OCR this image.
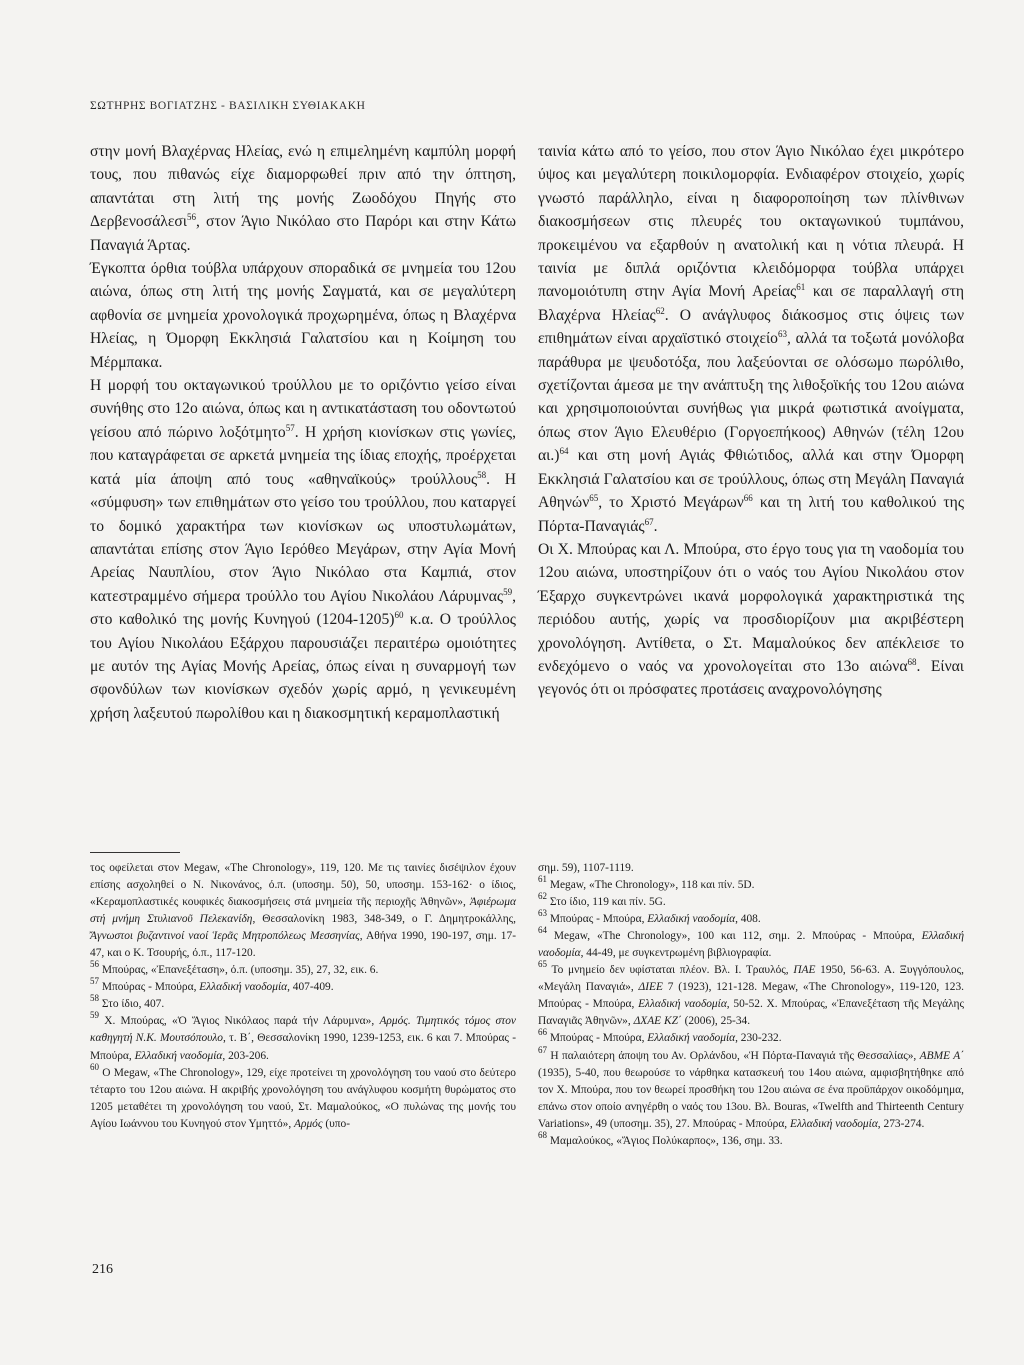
ΣΩΤΗΡΗΣ ΒΟΓΙΑΤΖΗΣ - ΒΑΣΙΛΙΚΗ ΣΥΘΙΑΚΑΚΗ

στην μονή Βλαχέρνας Ηλείας, ενώ η επιμελημένη καμπύλη μορφή τους, που πιθανώς είχε διαμορφωθεί πριν από την όπτηση, απαντάται στη λιτή της μονής Ζωοδόχου Πηγής στο Δερβενοσάλεσι$^{56}$, στον Άγιο Νικόλαο στο Παρόρι και στην Κάτω Παναγιά Άρτας.

Έγκοπτα όρθια τούβλα υπάρχουν σποραδικά σε μνημεία του 12ου αιώνα, όπως στη λιτή της μονής Σαγματά, και σε μεγαλύτερη αφθονία σε μνημεία χρονολογικά προχωρημένα, όπως η Βλαχέρνα Ηλείας, η Όμορφη Εκκλησιά Γαλατσίου και η Κοίμηση του Μέρμπακα.

Η μορφή του οκταγωνικού τρούλλου με το οριζόντιο γείσο είναι συνήθης στο 12ο αιώνα, όπως και η αντικατάσταση του οδοντωτού γείσου από πώρινο λοξότμητο$^{57}$. Η χρήση κιονίσκων στις γωνίες, που καταγράφεται σε αρκετά μνημεία της ίδιας εποχής, προέρχεται κατά μία άποψη από τους «αθηναϊκούς» τρούλλους$^{58}$. Η «σύμφυση» των επιθημάτων στο γείσο του τρούλλου, που καταργεί το δομικό χαρακτήρα των κιονίσκων ως υποστυλωμάτων, απαντάται επίσης στον Άγιο Ιερόθεο Μεγάρων, στην Αγία Μονή Αρείας Ναυπλίου, στον Άγιο Νικόλαο στα Καμπιά, στον κατεστραμμένο σήμερα τρούλλο του Αγίου Νικολάου Λάρυμνας$^{59}$, στο καθολικό της μονής Κυνηγού (1204-1205)$^{60}$ κ.α. Ο τρούλλος του Αγίου Νικολάου Εξάρχου παρουσιάζει περαιτέρω ομοιότητες με αυτόν της Αγίας Μονής Αρείας, όπως είναι η συναρμογή των σφονδύλων των κιονίσκων σχεδόν χωρίς αρμό, η γενικευμένη χρήση λαξευτού πωρολίθου και η διακοσμητική κεραμοπλαστική

ταινία κάτω από το γείσο, που στον Άγιο Νικόλαο έχει μικρότερο ύψος και μεγαλύτερη ποικιλομορφία. Ενδιαφέρον στοιχείο, χωρίς γνωστό παράλληλο, είναι η διαφοροποίηση των πλίνθινων διακοσμήσεων στις πλευρές του οκταγωνικού τυμπάνου, προκειμένου να εξαρθούν η ανατολική και η νότια πλευρά. Η ταινία με διπλά οριζόντια κλειδόμορφα τούβλα υπάρχει πανομοιότυπη στην Αγία Μονή Αρείας$^{61}$ και σε παραλλαγή στη Βλαχέρνα Ηλείας$^{62}$. Ο ανάγλυφος διάκοσμος στις όψεις των επιθημάτων είναι αρχαϊστικό στοιχείο$^{63}$, αλλά τα τοξωτά μονόλοβα παράθυρα με ψευδοτόξα, που λαξεύονται σε ολόσωμο πωρόλιθο, σχετίζονται άμεσα με την ανάπτυξη της λιθοξοϊκής του 12ου αιώνα και χρησιμοποιούνται συνήθως για μικρά φωτιστικά ανοίγματα, όπως στον Άγιο Ελευθέριο (Γοργοεπήκοος) Αθηνών (τέλη 12ου αι.)$^{64}$ και στη μονή Αγιάς Φθιώτιδος, αλλά και στην Όμορφη Εκκλησιά Γαλατσίου και σε τρούλλους, όπως στη Μεγάλη Παναγιά Αθηνών$^{65}$, το Χριστό Μεγάρων$^{66}$ και τη λιτή του καθολικού της Πόρτα-Παναγιάς$^{67}$.

Οι Χ. Μπούρας και Λ. Μπούρα, στο έργο τους για τη ναοδομία του 12ου αιώνα, υποστηρίζουν ότι ο ναός του Αγίου Νικολάου στον Έξαρχο συγκεντρώνει ικανά μορφολογικά χαρακτηριστικά της περιόδου αυτής, χωρίς να προσδιορίζουν μια ακριβέστερη χρονολόγηση. Αντίθετα, ο Στ. Μαμαλούκος δεν απέκλεισε το ενδεχόμενο ο ναός να χρονολογείται στο 13ο αιώνα$^{68}$. Είναι γεγονός ότι οι πρόσφατες προτάσεις αναχρονολόγησης

τος οφείλεται στον Megaw, «The Chronology», 119, 120. Με τις ταινίες δισέψιλον έχουν επίσης ασχοληθεί ο Ν. Νικονάνος, ό.π. (υποσημ. 50), 50, υποσημ. 153-162· ο ίδιος, «Κεραμοπλαστικές κουφικές διακοσμήσεις στά μνημεία τῆς περιοχῆς Ἀθηνῶν», Ἀφιέρωμα στή μνήμη Στυλιανοῦ Πελεκανίδη, Θεσσαλονίκη 1983, 348-349, ο Γ. Δημητροκάλλης, Ἄγνωστοι βυζαντινοί ναοί Ἱερᾶς Μητροπόλεως Μεσσηνίας, Αθήνα 1990, 190-197, σημ. 17-47, και ο Κ. Τσουρής, ό.π., 117-120.

$^{56}$ Μπούρας, «Ἐπανεξέταση», ό.π. (υποσημ. 35), 27, 32, εικ. 6.

$^{57}$ Μπούρας - Μπούρα, Ελλαδική ναοδομία, 407-409.

$^{58}$ Στο ίδιο, 407.

$^{59}$ Χ. Μπούρας, «Ὁ Ἅγιος Νικόλαος παρά τήν Λάρυμνα», Αρμός. Τιμητικός τόμος στον καθηγητή Ν.Κ. Μουτσόπουλο, τ. Β΄, Θεσσαλονίκη 1990, 1239-1253, εικ. 6 και 7. Μπούρας - Μπούρα, Ελλαδική ναοδομία, 203-206.

$^{60}$ Ο Megaw, «The Chronology», 129, είχε προτείνει τη χρονολόγηση του ναού στο δεύτερο τέταρτο του 12ου αιώνα. Η ακριβής χρονολόγηση του ανάγλυφου κοσμήτη θυρώματος στο 1205 μεταθέτει τη χρονολόγηση του ναού, Στ. Μαμαλούκος, «Ο πυλώνας της μονής του Αγίου Ιωάννου του Κυνηγού στον Υμηττό», Αρμός (υπο-

σημ. 59), 1107-1119.

$^{61}$ Megaw, «The Chronology», 118 και πίν. 5D.

$^{62}$ Στο ίδιο, 119 και πίν. 5G.

$^{63}$ Μπούρας - Μπούρα, Ελλαδική ναοδομία, 408.

$^{64}$ Megaw, «The Chronology», 100 και 112, σημ. 2. Μπούρας - Μπούρα, Ελλαδική ναοδομία, 44-49, με συγκεντρωμένη βιβλιογραφία.

$^{65}$ Το μνημείο δεν υφίσταται πλέον. Βλ. Ι. Τραυλός, ΠΑΕ 1950, 56-63. Α. Ξυγγόπουλος, «Μεγάλη Παναγιά», ΔΙΕΕ 7 (1923), 121-128. Megaw, «The Chronology», 119-120, 123. Μπούρας - Μπούρα, Ελλαδική ναοδομία, 50-52. Χ. Μπούρας, «Ἐπανεξέταση τῆς Μεγάλης Παναγιᾶς Ἀθηνῶν», ΔΧΑΕ ΚΖ΄ (2006), 25-34.

$^{66}$ Μπούρας - Μπούρα, Ελλαδική ναοδομία, 230-232.

$^{67}$ Η παλαιότερη άποψη του Αν. Ορλάνδου, «Ἡ Πόρτα-Παναγιά τῆς Θεσσαλίας», ΑΒΜΕ Α΄ (1935), 5-40, που θεωρούσε το νάρθηκα κατασκευή του 14ου αιώνα, αμφισβητήθηκε από τον Χ. Μπούρα, που τον θεωρεί προσθήκη του 12ου αιώνα σε ένα προϋπάρχον οικοδόμημα, επάνω στον οποίο ανηγέρθη ο ναός του 13ου. Βλ. Bouras, «Twelfth and Thirteenth Century Variations», 49 (υποσημ. 35), 27. Μπούρας - Μπούρα, Ελλαδική ναοδομία, 273-274.

$^{68}$ Μαμαλούκος, «Ἅγιος Πολύκαρπος», 136, σημ. 33.

216
